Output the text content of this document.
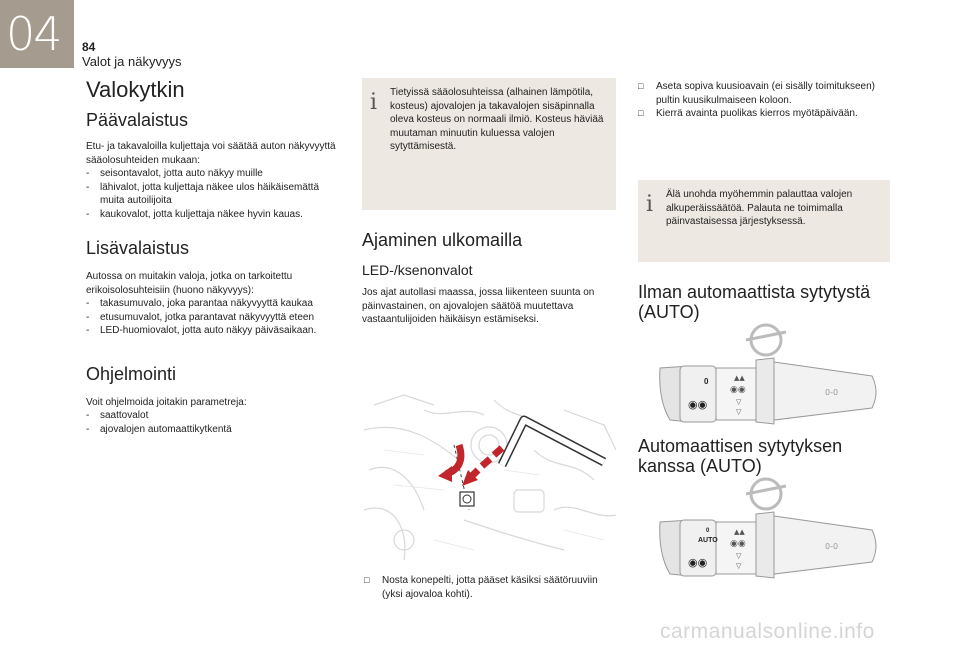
04 84
Valot ja näkyvyys
Valokytkin
Päävalaistus
Etu- ja takavaloilla kuljettaja voi säätää auton näkyvyyttä sääolosuhteiden mukaan:
- seisontavalot, jotta auto näkyy muille
- lähivalot, jotta kuljettaja näkee ulos häikäisemättä muita autoilijoita
- kaukovalot, jotta kuljettaja näkee hyvin kauas.
Lisävalaistus
Autossa on muitakin valoja, jotka on tarkoitettu erikoisolosuhteisiin (huono näkyvyys):
- takasumuvalo, joka parantaa näkyvyyttä kaukaa
- etusumuvalot, jotka parantavat näkyvyyttä eteen
- LED-huomiovalot, jotta auto näkyy päiväsaikaan.
Ohjelmointi
Voit ohjelmoida joitakin parametreja:
- saattovalot
- ajovalojen automaattikytkentä
i Tietyissä sääolosuhteissa (alhainen lämpötila, kosteus) ajovalojen ja takavalojen sisäpinnalla oleva kosteus on normaali ilmiö. Kosteus häviää muutaman minuutin kuluessa valojen sytyttämisestä.
Ajaminen ulkomailla
LED-/ksenonvalot
Jos ajat autollasi maassa, jossa liikenteen suunta on päinvastainen, on ajovalojen säätöä muutettava vastaantulijoiden häikäisyn estämiseksi.
□ Nosta konepelti, jotta pääset käsiksi säätöruuviin (yksi ajovaloa kohti).
□ Aseta sopiva kuusioavain (ei sisälly toimitukseen) pultin kuusikulmaiseen koloon.
□ Kierrä avainta puolikas kierros myötäpäivään.
i Älä unohda myöhemmin palauttaa valojen alkuperäissäätöä. Palauta ne toimimalla päinvastaisessa järjestyksessä.
Ilman automaattista sytytystä (AUTO)
0
◉◉
▲▲
◉◉
▽
▽
0-0
Automaattisen sytytyksen kanssa (AUTO)
0
AUTO
◉◉
▲▲
◉◉
▽
▽
0-0
carmanualsonline.info
